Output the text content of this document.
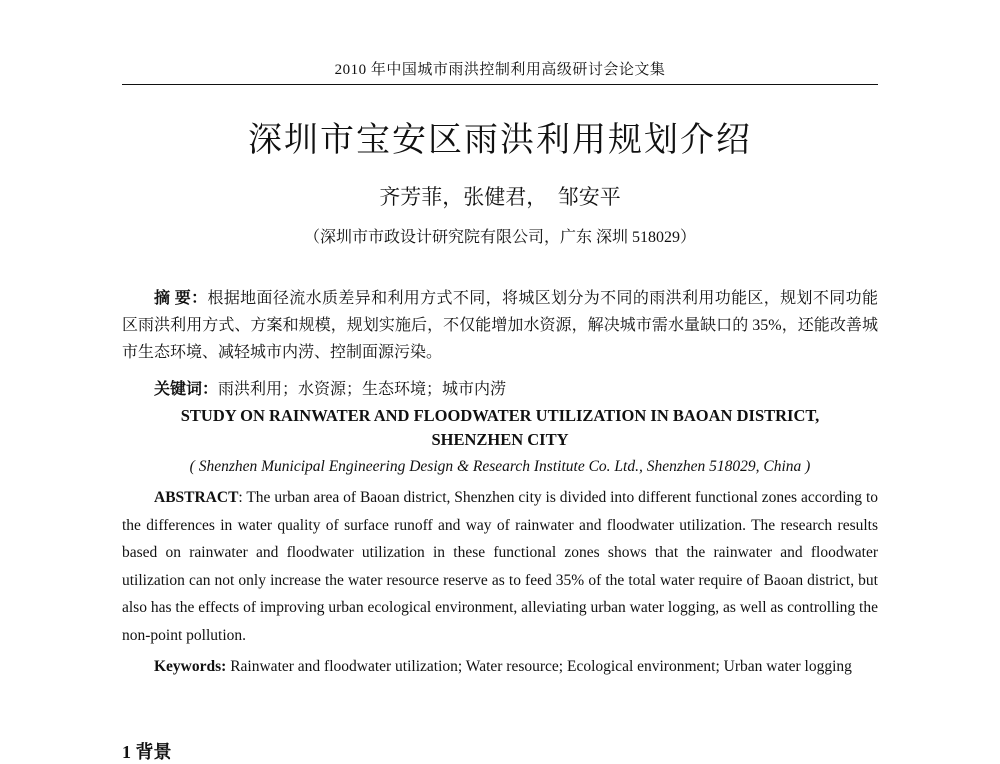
2010 年中国城市雨洪控制利用高级研讨会论文集
深圳市宝安区雨洪利用规划介绍
齐芳菲，张健君，　邹安平
（深圳市市政设计研究院有限公司，广东 深圳 518029）
摘 要：根据地面径流水质差异和利用方式不同，将城区划分为不同的雨洪利用功能区，规划不同功能区雨洪利用方式、方案和规模，规划实施后，不仅能增加水资源，解决城市需水量缺口的 35%，还能改善城市生态环境、减轻城市内涝、控制面源污染。
关键词：雨洪利用；水资源；生态环境；城市内涝
STUDY ON RAINWATER AND FLOODWATER UTILIZATION IN BAOAN DISTRICT,
SHENZHEN CITY
( Shenzhen Municipal Engineering Design & Research Institute Co. Ltd., Shenzhen 518029, China )
ABSTRACT: The urban area of Baoan district, Shenzhen city is divided into different functional zones according to the differences in water quality of surface runoff and way of rainwater and floodwater utilization. The research results based on rainwater and floodwater utilization in these functional zones shows that the rainwater and floodwater utilization can not only increase the water resource reserve as to feed 35% of the total water require of Baoan district, but also has the effects of improving urban ecological environment, alleviating urban water logging, as well as controlling the non-point pollution.
Keywords: Rainwater and floodwater utilization; Water resource; Ecological environment; Urban water logging
1 背景
